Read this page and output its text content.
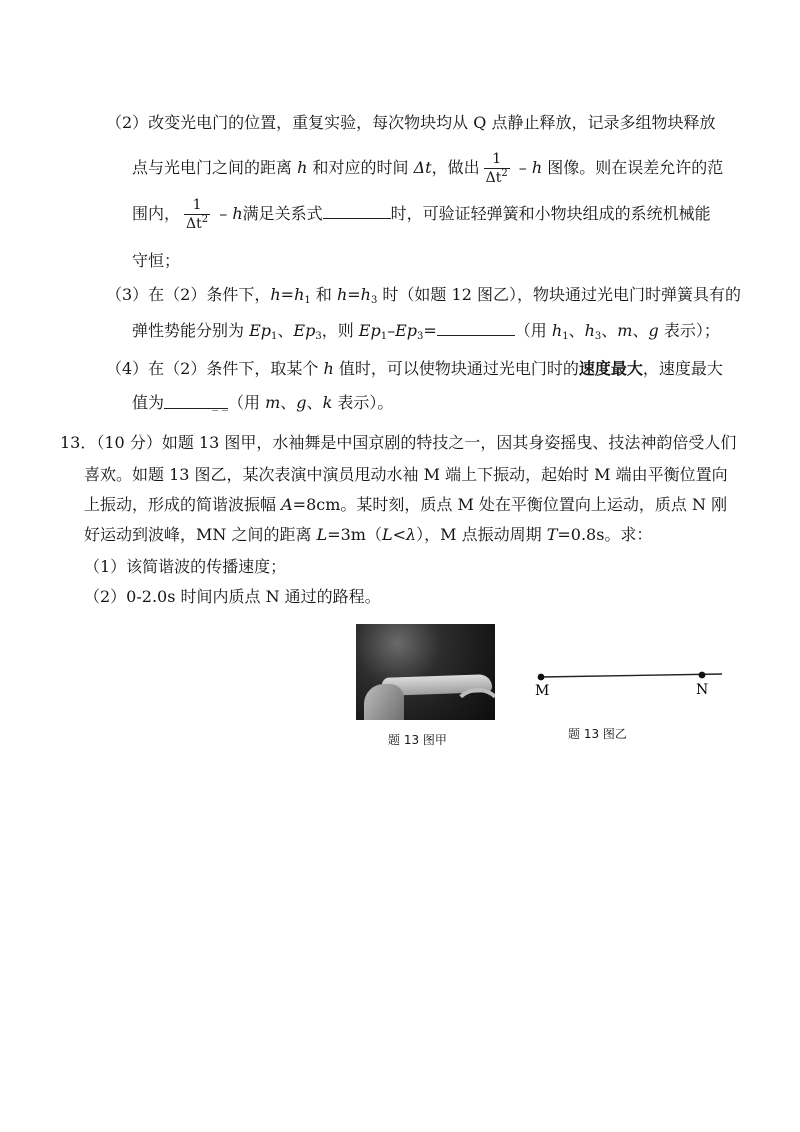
（2）改变光电门的位置，重复实验，每次物块均从 Q 点静止释放，记录多组物块释放
点与光电门之间的距离 h 和对应的时间 Δt，做出 $\frac{1}{\Delta t^2}$ – h 图像。则在误差允许的范
围内， $\frac{1}{\Delta t^2}$ – h满足关系式	时，可验证轻弹簧和小物块组成的系统机械能
守恒；
（3）在（2）条件下，$h=h_1$ 和 $h=h_3$ 时（如题 12 图乙），物块通过光电门时弹簧具有的
弹性势能分别为 $Ep_1$、$Ep_3$，则 $Ep_1-Ep_3=$	（用 $h_1$、$h_3$、m、g 表示）；
（4）在（2）条件下，取某个 h 值时，可以使物块通过光电门时的速度最大，速度最大
值为	_ _（用 m、g、k 表示）。
13．（10 分）如题 13 图甲，水袖舞是中国京剧的特技之一，因其身姿摇曳、技法神韵倍受人们
喜欢。如题 13 图乙，某次表演中演员甩动水袖 M 端上下振动，起始时 M 端由平衡位置向
上振动，形成的简谐波振幅 A=8cm。某时刻，质点 M 处在平衡位置向上运动，质点 N 刚
好运动到波峰，MN 之间的距离 L=3m（L<λ），M 点振动周期 T=0.8s。求：
（1）该简谐波的传播速度；
（2）0-2.0s 时间内质点 N 通过的路程。
题 13 图甲
M	N
题 13 图乙
